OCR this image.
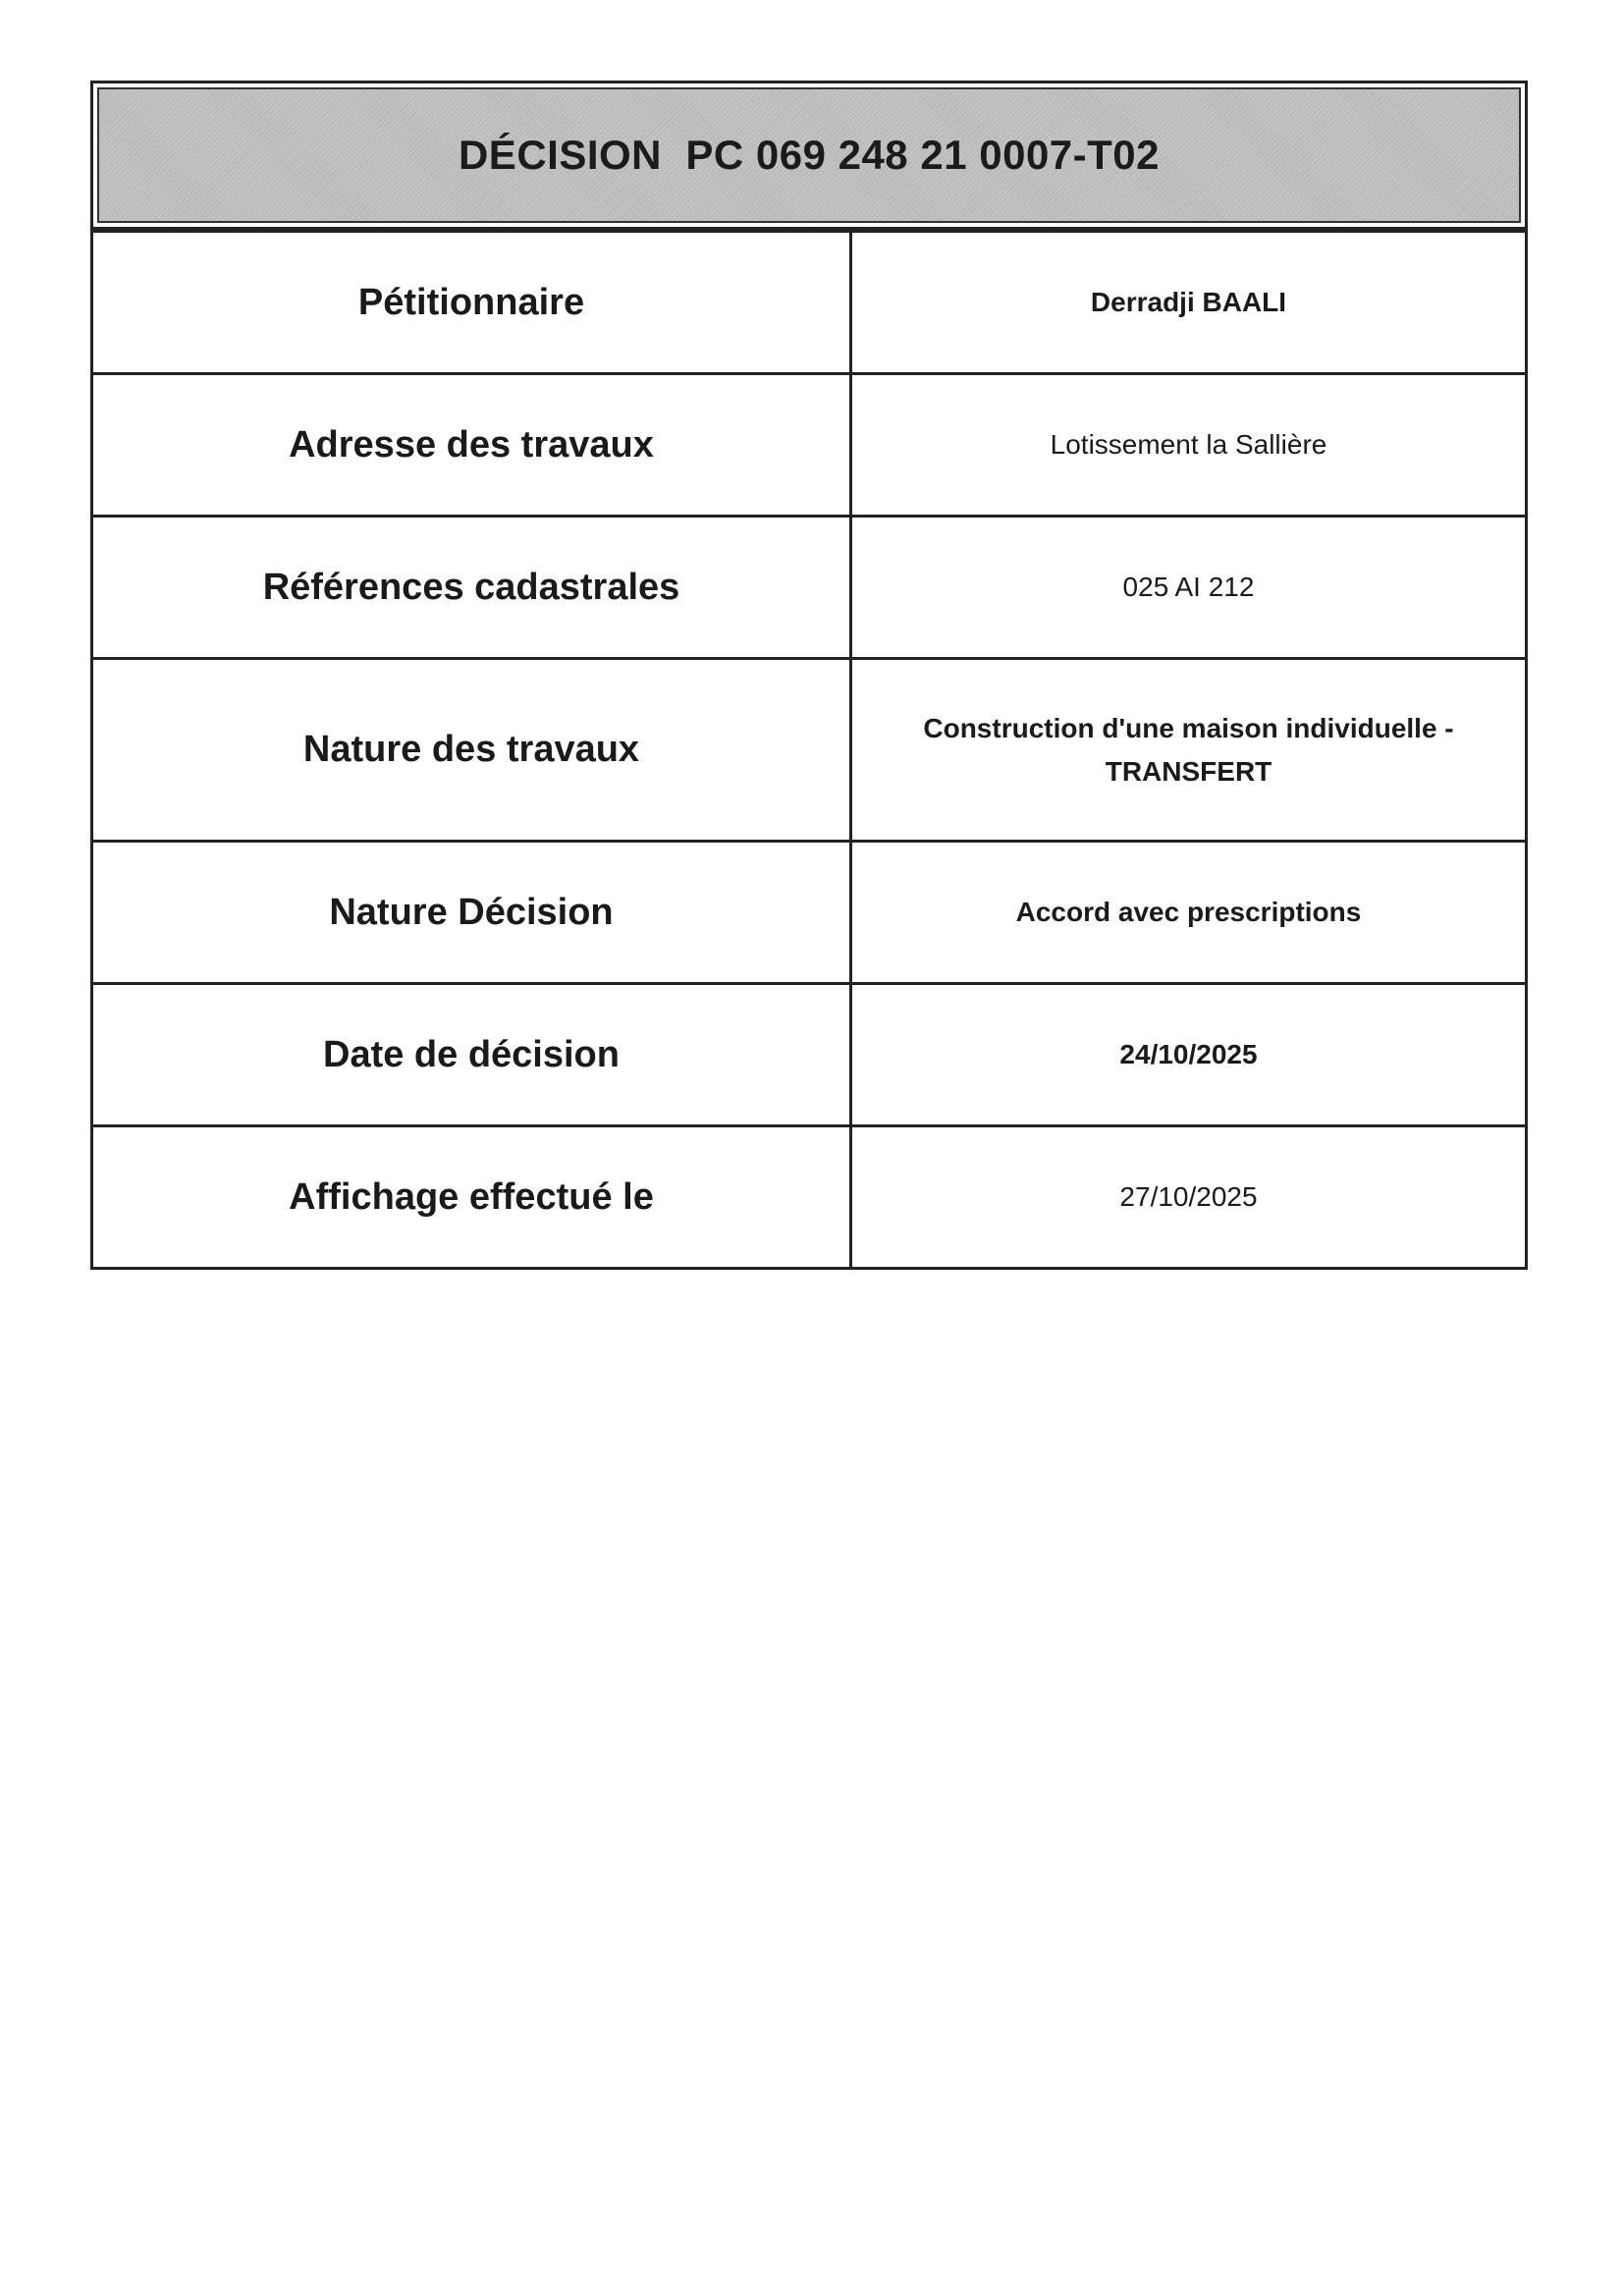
DÉCISION  PC 069 248 21 0007-T02
Pétitionnaire	Derradji BAALI
Adresse des travaux	Lotissement la Sallière
Références cadastrales	025 AI 212
Nature des travaux	Construction d'une maison individuelle -
TRANSFERT

Nature Décision	Accord avec prescriptions
Date de décision	24/10/2025
Affichage effectué le	27/10/2025
